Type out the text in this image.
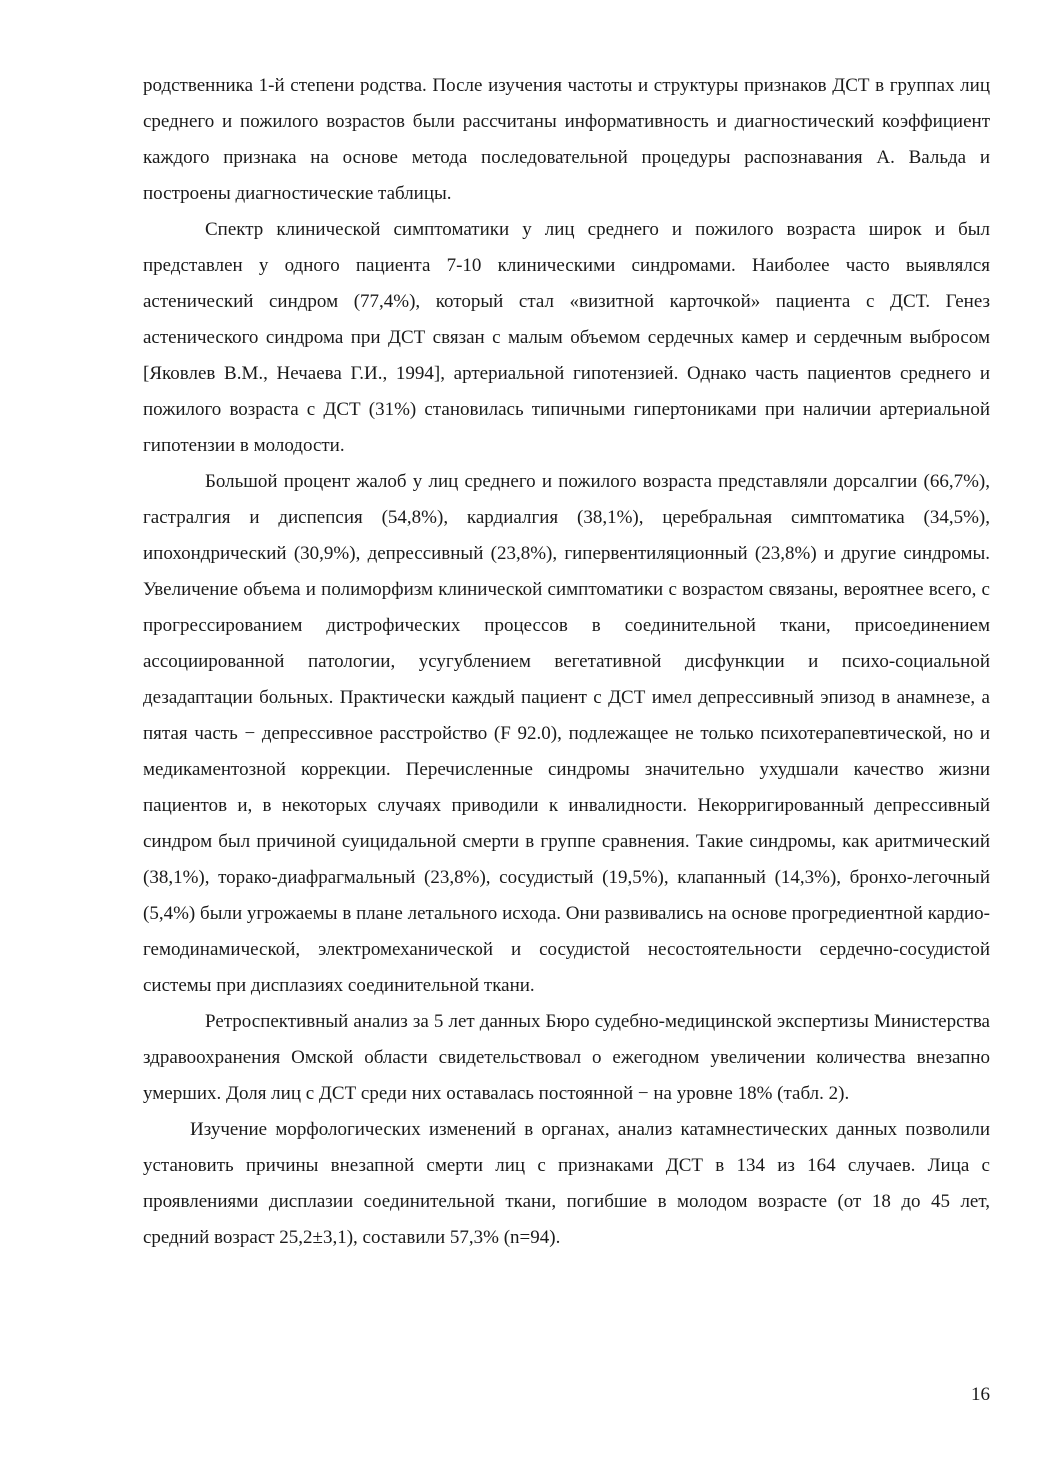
родственника 1-й степени родства. После изучения частоты и структуры признаков ДСТ в группах лиц среднего и пожилого возрастов были рассчитаны информативность и диагностический коэффициент каждого признака на основе метода последовательной процедуры распознавания А. Вальда и построены диагностические таблицы.

Спектр клинической симптоматики у лиц среднего и пожилого возраста широк и был представлен у одного пациента 7-10 клиническими синдромами. Наиболее часто выявлялся астенический синдром (77,4%), который стал «визитной карточкой» пациента с ДСТ. Генез астенического синдрома при ДСТ связан с малым объемом сердечных камер и сердечным выбросом [Яковлев В.М., Нечаева Г.И., 1994], артериальной гипотензией. Однако часть пациентов среднего и пожилого возраста с ДСТ (31%) становилась типичными гипертониками при наличии артериальной гипотензии в молодости.

Большой процент жалоб у лиц среднего и пожилого возраста представляли дорсалгии (66,7%), гастралгия и диспепсия (54,8%), кардиалгия (38,1%), церебральная симптоматика (34,5%), ипохондрический (30,9%), депрессивный (23,8%), гипервентиляционный (23,8%) и другие синдромы. Увеличение объема и полиморфизм клинической симптоматики с возрастом связаны, вероятнее всего, с прогрессированием дистрофических процессов в соединительной ткани, присоединением ассоциированной патологии, усугублением вегетативной дисфункции и психо-социальной дезадаптации больных. Практически каждый пациент с ДСТ имел депрессивный эпизод в анамнезе, а пятая часть − депрессивное расстройство (F 92.0), подлежащее не только психотерапевтической, но и медикаментозной коррекции. Перечисленные синдромы значительно ухудшали качество жизни пациентов и, в некоторых случаях приводили к инвалидности. Некорригированный депрессивный синдром был причиной суицидальной смерти в группе сравнения. Такие синдромы, как аритмический (38,1%), торако-диафрагмальный (23,8%), сосудистый (19,5%), клапанный (14,3%), бронхо-легочный (5,4%) были угрожаемы в плане летального исхода. Они развивались на основе прогредиентной кардио-гемодинамической, электромеханической и сосудистой несостоятельности сердечно-сосудистой системы при дисплазиях соединительной ткани.

Ретроспективный анализ за 5 лет данных Бюро судебно-медицинской экспертизы Министерства здравоохранения Омской области свидетельствовал о ежегодном увеличении количества внезапно умерших. Доля лиц с ДСТ среди них оставалась постоянной − на уровне 18% (табл. 2).

Изучение морфологических изменений в органах, анализ катамнестических данных позволили установить причины внезапной смерти лиц с признаками ДСТ в 134 из 164 случаев. Лица с проявлениями дисплазии соединительной ткани, погибшие в молодом возрасте (от 18 до 45 лет, средний возраст 25,2±3,1), составили 57,3% (n=94).

16
